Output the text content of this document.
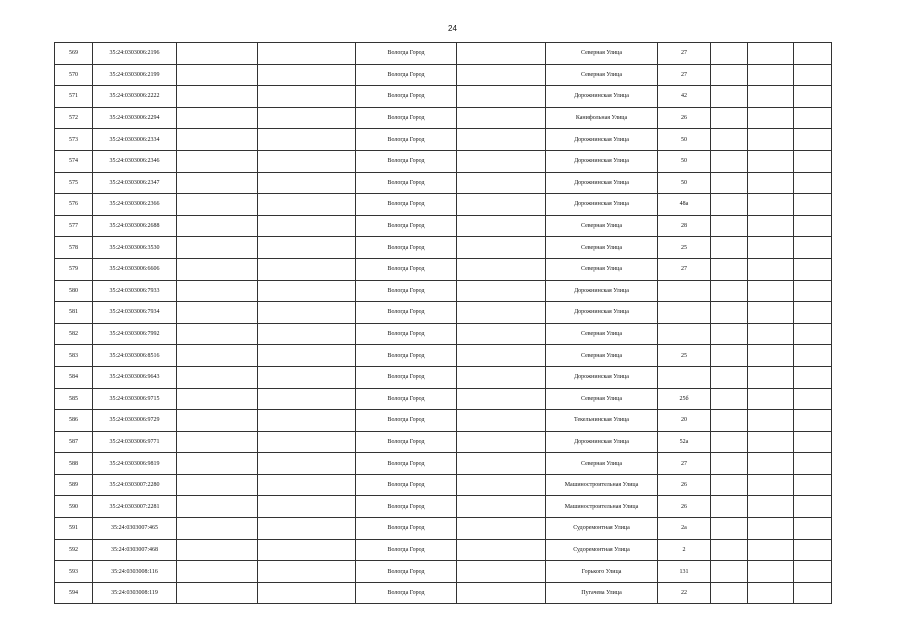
24
569	35:24:0303006:2196			Вологда Город		Северная Улица	27			
570	35:24:0303006:2199			Вологда Город		Северная Улица	27			
571	35:24:0303006:2222			Вологда Город		Дорожнинская Улица	42			
572	35:24:0303006:2294			Вологда Город		Канифольная Улица	26			
573	35:24:0303006:2334			Вологда Город		Дорожнинская Улица	50			
574	35:24:0303006:2346			Вологда Город		Дорожнинская Улица	50			
575	35:24:0303006:2347			Вологда Город		Дорожнинская Улица	50			
576	35:24:0303006:2366			Вологда Город		Дорожнинская Улица	48а			
577	35:24:0303006:2688			Вологда Город		Северная Улица	28			
578	35:24:0303006:3530			Вологда Город		Северная Улица	25			
579	35:24:0303006:6606			Вологда Город		Северная Улица	27			
580	35:24:0303006:7933			Вологда Город		Дорожнинская Улица				
581	35:24:0303006:7934			Вологда Город		Дорожнинская Улица				
582	35:24:0303006:7992			Вологда Город		Северная Улица				
583	35:24:0303006:8516			Вологда Город		Северная Улица	25			
584	35:24:0303006:9643			Вологда Город		Дорожнинская Улица				
585	35:24:0303006:9715			Вологда Город		Северная Улица	25б			
586	35:24:0303006:9729			Вологда Город		Текельнинская Улица	20			
587	35:24:0303006:9771			Вологда Город		Дорожнинская Улица	52а			
588	35:24:0303006:9819			Вологда Город		Северная Улица	27			
589	35:24:0303007:2280			Вологда Город		Машиностроительная Улица	26			
590	35:24:0303007:2281			Вологда Город		Машиностроительная Улица	26			
591	35:24:0303007:465			Вологда Город		Судоремонтная Улица	2а			
592	35:24:0303007:468			Вологда Город		Судоремонтная Улица	2			
593	35:24:0303008:116			Вологда Город		Горького Улица	131			
594	35:24:0303008:119			Вологда Город		Пугачева Улица	22			
